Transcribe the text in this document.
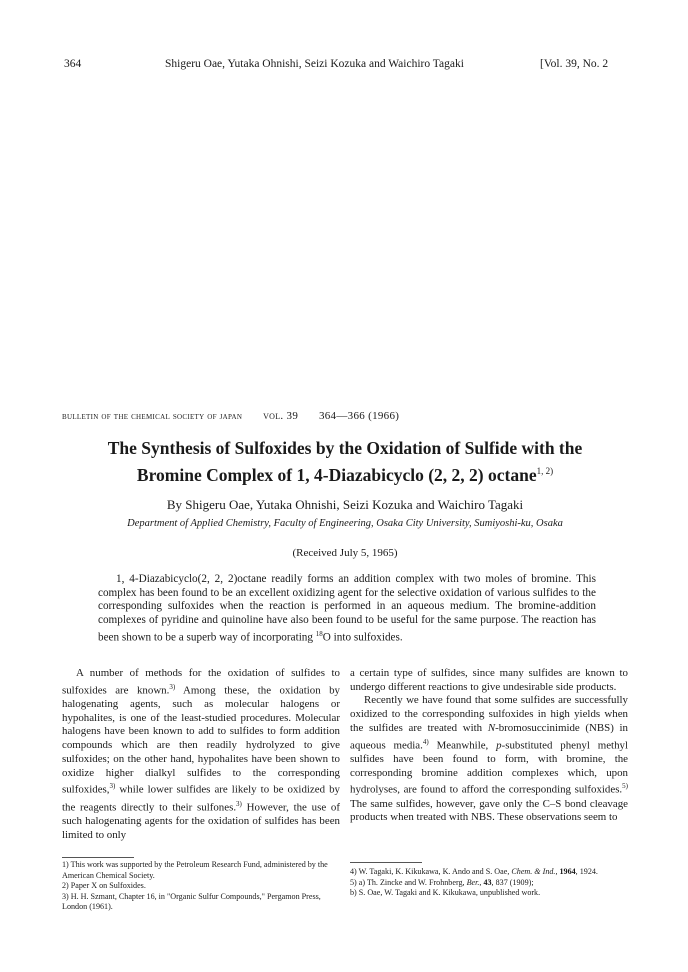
364	Shigeru Oae, Yutaka Ohnishi, Seizi Kozuka and Waichiro Tagaki	[Vol. 39, No. 2
bulletin of the chemical society of japan vol. 39 364—366 (1966)
The Synthesis of Sulfoxides by the Oxidation of Sulfide with the
Bromine Complex of 1, 4-Diazabicyclo (2, 2, 2) octane$^{1, 2)}$
By Shigeru Oae, Yutaka Ohnishi, Seizi Kozuka and Waichiro Tagaki
Department of Applied Chemistry, Faculty of Engineering, Osaka City University, Sumiyoshi-ku, Osaka
(Received July 5, 1965)

1, 4-Diazabicyclo(2, 2, 2)octane readily forms an addition complex with two moles of bromine. This complex has been found to be an excellent oxidizing agent for the selective oxidation of various sulfides to the corresponding sulfoxides when the reaction is performed in an aqueous medium. The bromine-addition complexes of pyridine and quinoline have also been found to be useful for the same purpose. The reaction has been shown to be a superb way of incorporating $^{18}$O into sulfoxides.

A number of methods for the oxidation of sulfides to sulfoxides are known.$^{3)}$ Among these, the oxidation by halogenating agents, such as molecular halogens or hypohalites, is one of the least-studied procedures. Molecular halogens have been known to add to sulfides to form addition compounds which are then readily hydrolyzed to give sulfoxides; on the other hand, hypohalites have been shown to oxidize higher dialkyl sulfides to the corresponding sulfoxides,$^{3)}$ while lower sulfides are likely to be oxidized by the reagents directly to their sulfones.$^{3)}$ However, the use of such halogenating agents for the oxidation of sulfides has been limited to only

a certain type of sulfides, since many sulfides are known to undergo different reactions to give undesirable side products.

Recently we have found that some sulfides are successfully oxidized to the corresponding sulfoxides in high yields when the sulfides are treated with N-bromosuccinimide (NBS) in aqueous media.$^{4)}$ Meanwhile, p-substituted phenyl methyl sulfides have been found to form, with bromine, the corresponding bromine addition complexes which, upon hydrolyses, are found to afford the corresponding sulfoxides.$^{5)}$ The same sulfides, however, gave only the C–S bond cleavage products when treated with NBS. These observations seem to

1) This work was supported by the Petroleum Research Fund, administered by the American Chemical Society.

2) Paper X on Sulfoxides.

3) H. H. Szmant, Chapter 16, in "Organic Sulfur Compounds," Pergamon Press, London (1961).

4) W. Tagaki, K. Kikukawa, K. Ando and S. Oae, Chem. & Ind., 1964, 1924.

5) a) Th. Zincke and W. Frohnberg, Ber., 43, 837 (1909);

b) S. Oae, W. Tagaki and K. Kikukawa, unpublished work.
